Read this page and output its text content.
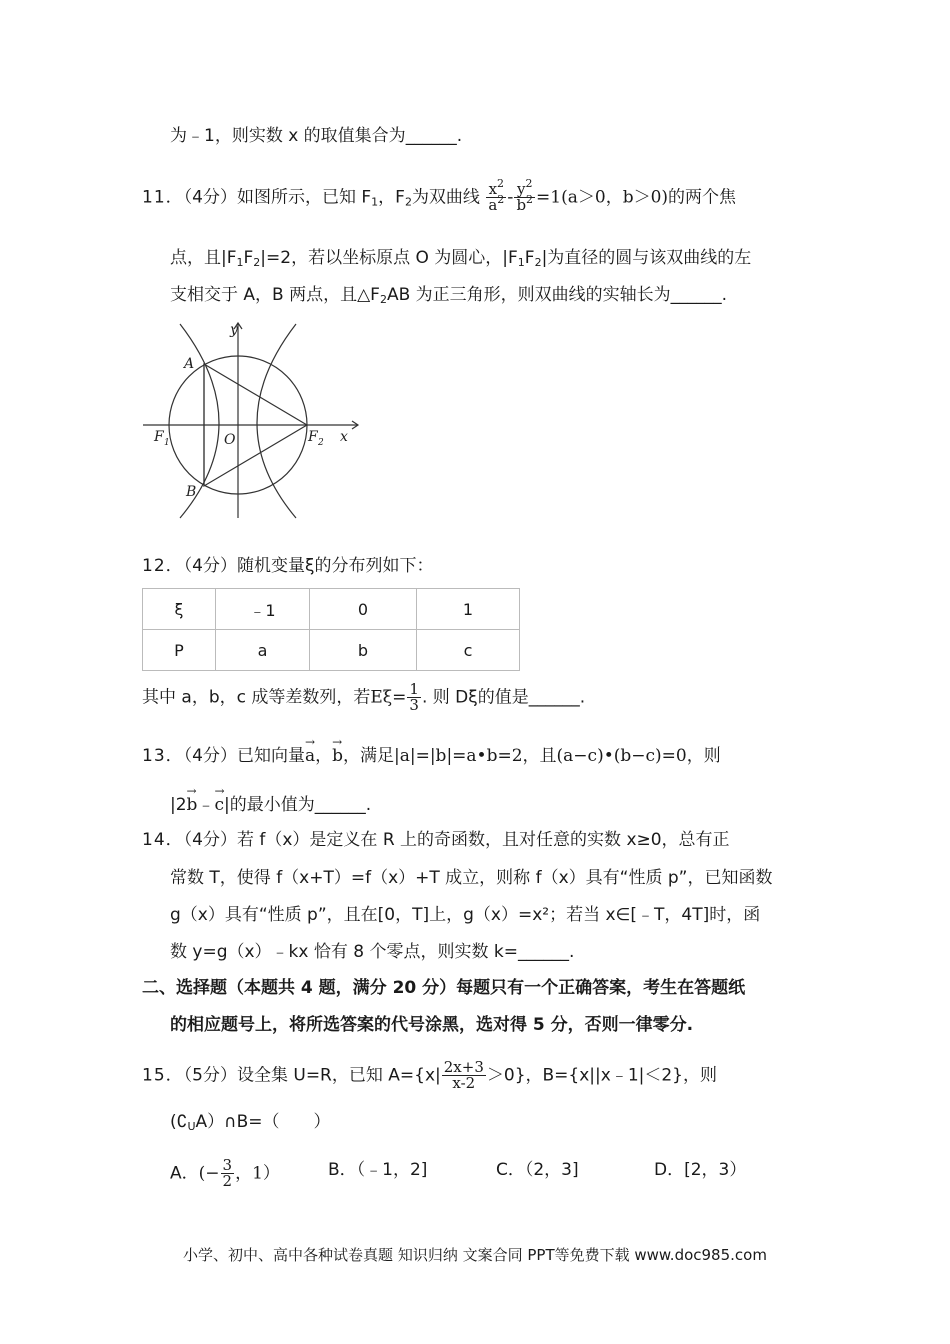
为﹣1，则实数 x 的取值集合为______.
11．（4分）如图所示，已知 $F_1$，$F_2$为双曲线 $\frac{x^2}{a^2} - \frac{y^2}{b^2} =1(a>0$，b＞0)的两个焦
点，且$|F_1F_2|=2$，若以坐标原点 O 为圆心，$|F_1F_2|$为直径的圆与该双曲线的左
支相交于 A，B 两点，且$\triangle F_2AB$ 为正三角形，则双曲线的实轴长为______.
y
x
A
B
O
F 1	F 2
12．（4分）随机变量ξ的分布列如下：
ξ	﹣1	0	1
P	a	b	c
其中 a，b，c 成等差数列，若$E\xi= \frac{1}{3}$ . 则 Dξ的值是______.
13．（4分）已知向量→ a，→ b，满足|a|=|b|=a•b=2，且(a−c)•(b−c)=0，则
|2→ b﹣→ c|的最小值为______.
14．（4分）若 f（x）是定义在 R 上的奇函数，且对任意的实数 x≥0，总有正
常数 T，使得 f（x+T）=f（x）+T 成立，则称 f（x）具有“性质 p”，已知函数
g（x）具有“性质 p”，且在[0，T]上，g（x）=x²；若当 x∈[﹣T，4T]时，函
数 y=g（x）﹣kx 恰有 8 个零点，则实数 k=______.
二、选择题（本题共 4 题，满分 20 分）每题只有一个正确答案，考生在答题纸
的相应题号上，将所选答案的代号涂黑，选对得 5 分，否则一律零分.
15．（5分）设全集 U=R，已知 $A=\{x| \frac{2x+3}{x-2} >0\}$，B={x||x﹣1|＜2}，则
$(∁_UA)\cap B=$（　　）
A．(− $\frac{3}{2}$ ，1）	B．（﹣1，2]	C．（2，3]	D．[2，3）
小学、初中、高中各种试卷真题 知识归纳 文案合同 PPT等免费下载 www.doc985.com
